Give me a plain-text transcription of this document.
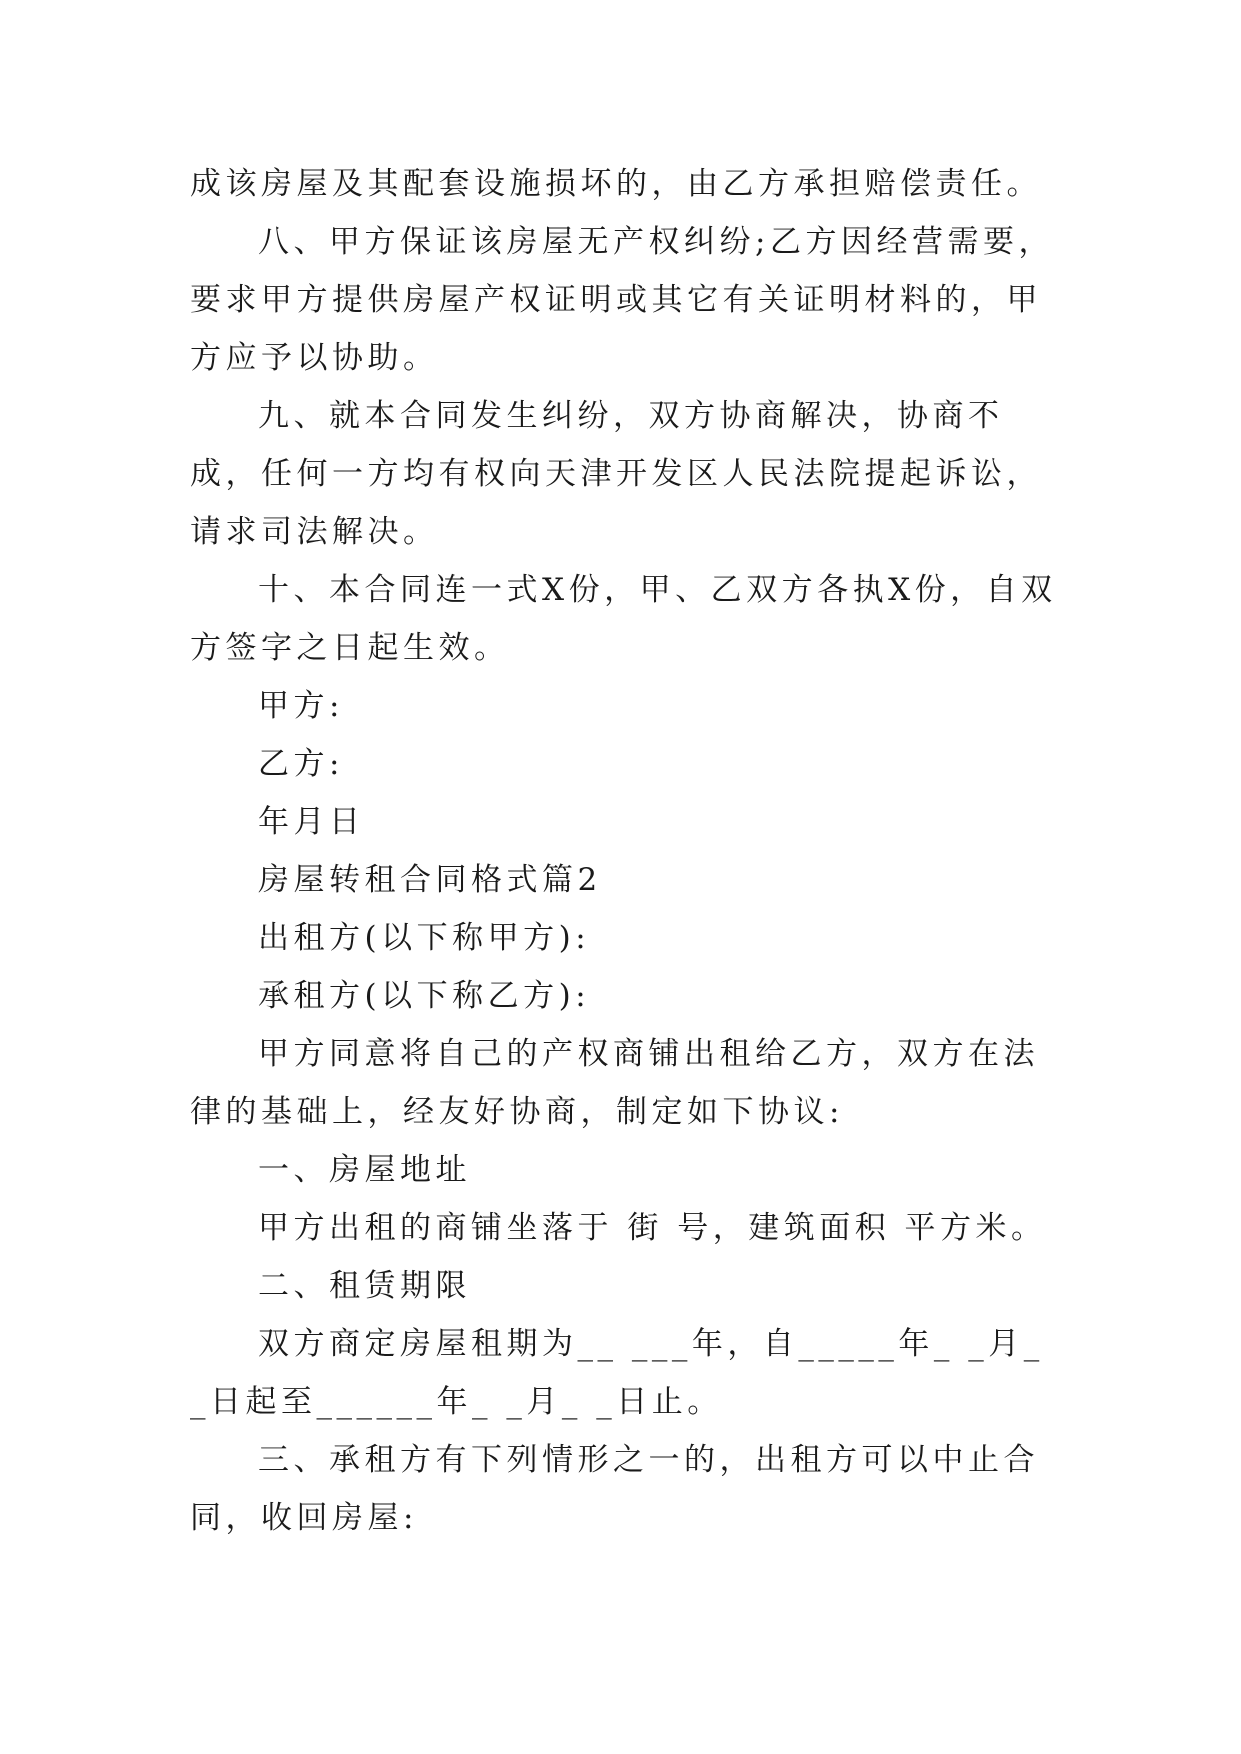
成该房屋及其配套设施损坏的，由乙方承担赔偿责任。

八、甲方保证该房屋无产权纠纷;乙方因经营需要，要求甲方提供房屋产权证明或其它有关证明材料的，甲方应予以协助。

九、就本合同发生纠纷，双方协商解决，协商不成，任何一方均有权向天津开发区人民法院提起诉讼，请求司法解决。

十、本合同连一式X份，甲、乙双方各执X份，自双方签字之日起生效。

甲方:

乙方:

年月日

房屋转租合同格式篇2

出租方(以下称甲方):

承租方(以下称乙方):

甲方同意将自己的产权商铺出租给乙方，双方在法律的基础上，经友好协商，制定如下协议:

一、房屋地址

甲方出租的商铺坐落于 街 号，建筑面积 平方米。

二、租赁期限

双方商定房屋租期为__ ___年，自_____年_ _月_ _日起至______年_ _月_ _日止。

三、承租方有下列情形之一的，出租方可以中止合同，收回房屋:
